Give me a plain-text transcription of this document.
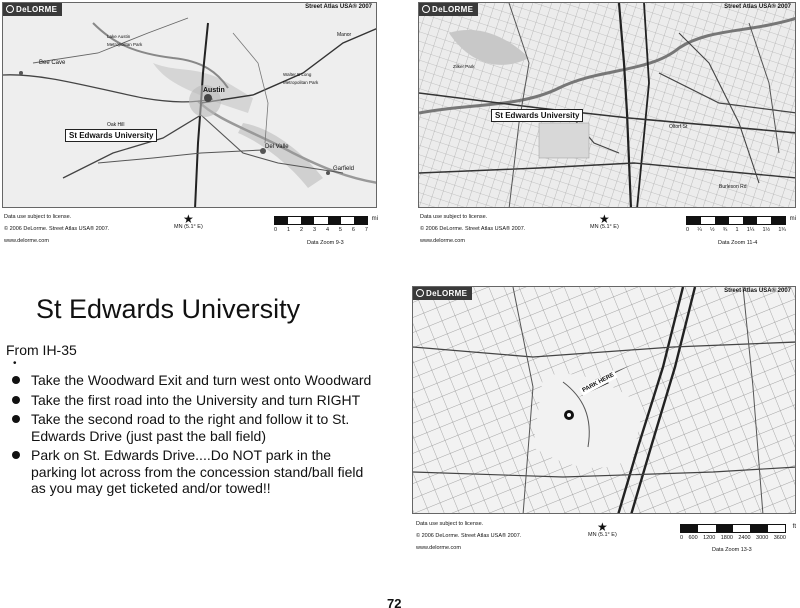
DeLORME	Street Atlas USA® 2007
St Edwards University
Bee Cave
Austin
Del Valle
Garfield
Lake Austin Metropolitan Park
Walter E Long Metropolitan Park
Oak Hill
Manor
Data use subject to license.
© 2006 DeLorme. Street Atlas USA® 2007.
www.delorme.com
★
MN (5.1° E)
mi
0 1 2 3 4 5 6 7
Data Zoom 9-3
DeLORME	Street Atlas USA® 2007
St Edwards University
Zilker Park
Oltorf St
Burleson Rd
Data use subject to license.
© 2006 DeLorme. Street Atlas USA® 2007.
www.delorme.com
★
MN (5.1° E)
mi
0 ¼ ½ ¾ 1 1¼ 1½ 1¾
Data Zoom 11-4
St Edwards University
From IH-35
•
Take the Woodward Exit and turn west onto Woodward
Take the first road into the University and turn RIGHT
Take the second road to the right and follow it to St. Edwards Drive (just past the ball field)
Park on St. Edwards Drive....Do NOT park in the parking lot across from the concession stand/ball field as you may get ticketed and/or towed!!
DeLORME	Street Atlas USA® 2007
PARK HERE
Data use subject to license.
© 2006 DeLorme. Street Atlas USA® 2007.
www.delorme.com
★
MN (5.1° E)
ft
0 600 1200 1800 2400 3000 3600
Data Zoom 13-3
72
